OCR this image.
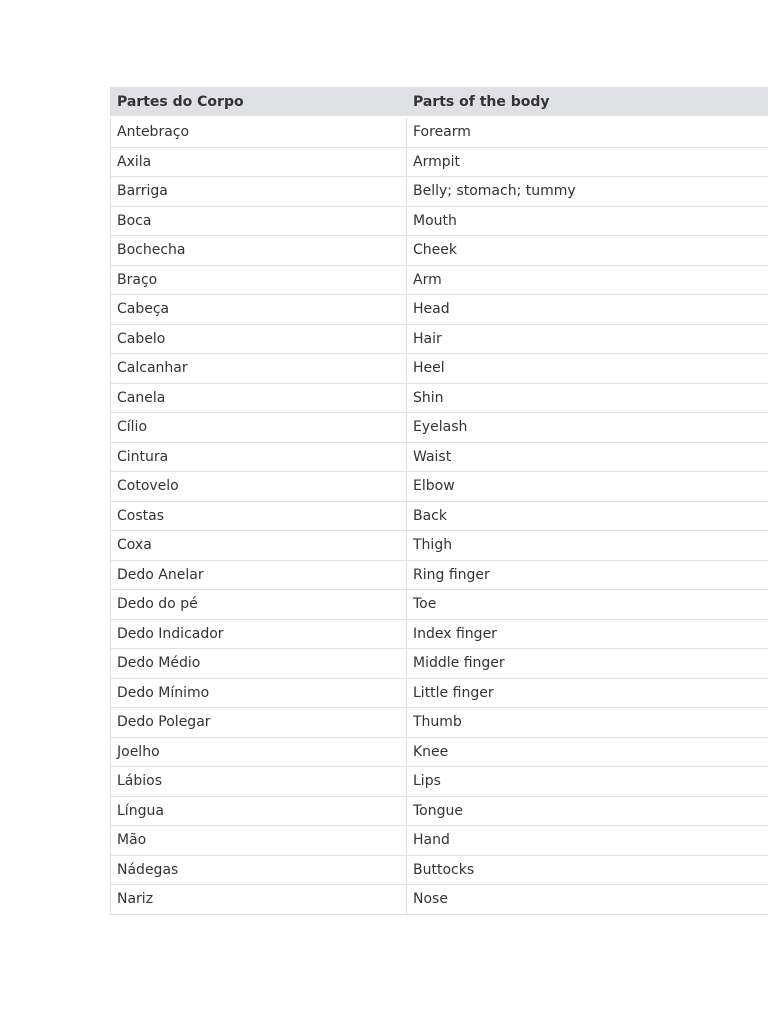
Partes do Corpo	Parts of the body
Antebraço	Forearm
Axila	Armpit
Barriga	Belly; stomach; tummy
Boca	Mouth
Bochecha	Cheek
Braço	Arm
Cabeça	Head
Cabelo	Hair
Calcanhar	Heel
Canela	Shin
Cílio	Eyelash
Cintura	Waist
Cotovelo	Elbow
Costas	Back
Coxa	Thigh
Dedo Anelar	Ring finger
Dedo do pé	Toe
Dedo Indicador	Index finger
Dedo Médio	Middle finger
Dedo Mínimo	Little finger
Dedo Polegar	Thumb
Joelho	Knee
Lábios	Lips
Língua	Tongue
Mão	Hand
Nádegas	Buttocks
Nariz	Nose
